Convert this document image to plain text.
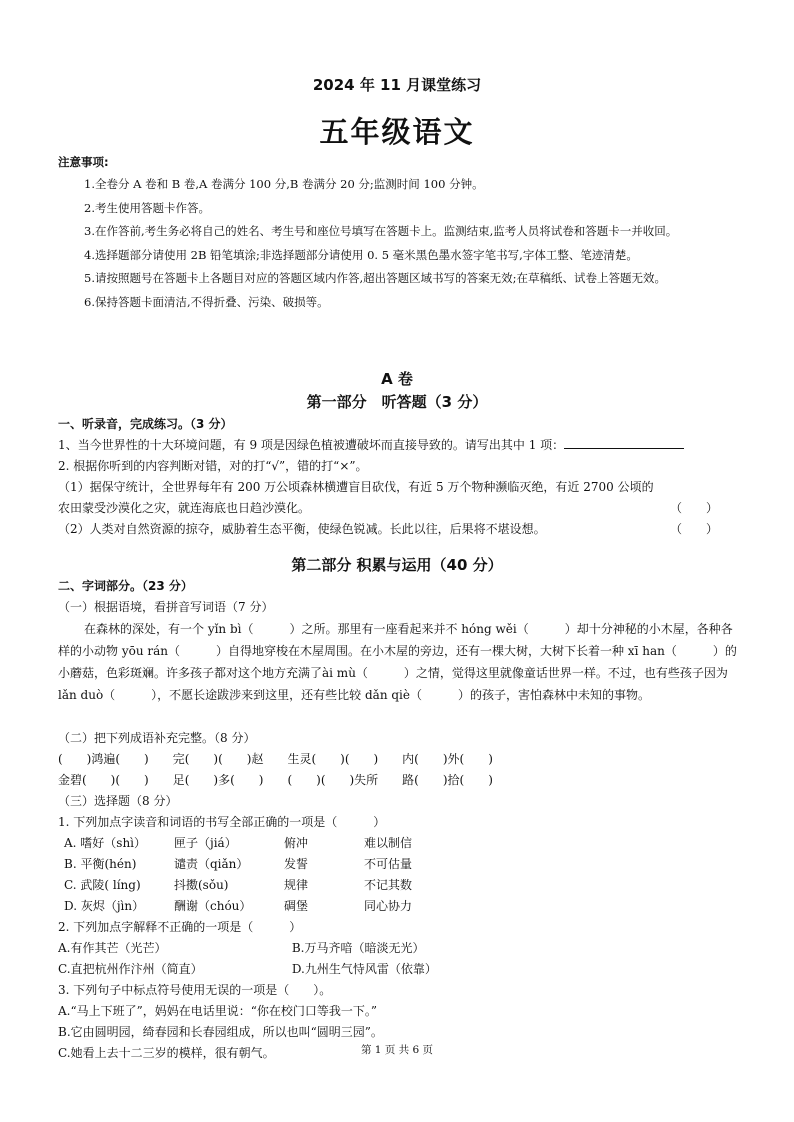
2024 年 11 月课堂练习
五年级语文
注意事项:
1.全卷分 A 卷和 B 卷,A 卷满分 100 分,B 卷满分 20 分;监测时间 100 分钟。
2.考生使用答题卡作答。
3.在作答前,考生务必将自己的姓名、考生号和座位号填写在答题卡上。监测结束,监考人员将试卷和答题卡一并收回。
4.选择题部分请使用 2B 铅笔填涂;非选择题部分请使用 0. 5 毫米黑色墨水签字笔书写,字体工整、笔迹清楚。
5.请按照题号在答题卡上各题目对应的答题区域内作答,超出答题区域书写的答案无效;在草稿纸、试卷上答题无效。
6.保持答题卡面清洁,不得折叠、污染、破损等。
A 卷
第一部分　听答题（3 分）
一、听录音，完成练习。（3 分）
1、当今世界性的十大环境问题，有 9 项是因绿色植被遭破坏而直接导致的。请写出其中 1 项：
2. 根据你听到的内容判断对错，对的打“√”，错的打“×”。
（1）据保守统计，全世界每年有 200 万公顷森林横遭盲目砍伐，有近 5 万个物种濒临灭绝，有近 2700 公顷的
农田蒙受沙漠化之灾，就连海底也日趋沙漠化。	（）
（2）人类对自然资源的掠夺，威胁着生态平衡，使绿色锐减。长此以往，后果将不堪设想。	（）
第二部分 积累与运用（40 分）
二、字词部分。（23 分）
（一）根据语境，看拼音写词语（7 分）
在森林的深处，有一个 yǐn bì（　　　）之所。那里有一座看起来并不 hóng wěi（　　　）却十分神秘的小木屋，各种各样的小动物 yōu rán（　　　）自得地穿梭在木屋周围。在小木屋的旁边，还有一棵大树，大树下长着一种 xī han（　　　）的小蘑菇，色彩斑斓。许多孩子都对这个地方充满了ài mù（　　　）之情，觉得这里就像童话世界一样。不过，也有些孩子因为 lǎn duò（　　　），不愿长途跋涉来到这里，还有些比较 dǎn qiè（　　　）的孩子，害怕森林中未知的事物。
（二）把下列成语补充完整。（8 分）
(　　)鸿遍(　　)　　完(　　)(　　)赵　　生灵(　　)(　　)　　内(　　)外(　　)
金碧(　　)(　　)　　足(　　)多(　　)　　(　　)(　　)失所　　路(　　)拾(　　)
（三）选择题（8 分）
1. 下列加点字读音和词语的书写全部正确的一项是（　　　）
A. 嗜好（shì）	匣子（jiá）	俯冲	难以制信
B. 平衡(hén)	谴责（qiǎn）	发誓	不可估量
C. 武陵( líng)	抖擞(sǒu)	规律	不记其数
D. 灰烬（jìn）	酬谢（chóu）	碉堡	同心协力
2. 下列加点字解释不正确的一项是（　　　）
A.有作其芒（光芒）	B.万马齐喑（暗淡无光）
C.直把杭州作汴州（简直）	D.九州生气恃风雷（依靠）
3. 下列句子中标点符号使用无误的一项是（　　）。
A.“马上下班了”，妈妈在电话里说：“你在校门口等我一下。”
B.它由圆明园，绮春园和长春园组成，所以也叫“圆明三园”。
C.她看上去十二三岁的模样，很有朝气。	第 1 页 共 6 页
